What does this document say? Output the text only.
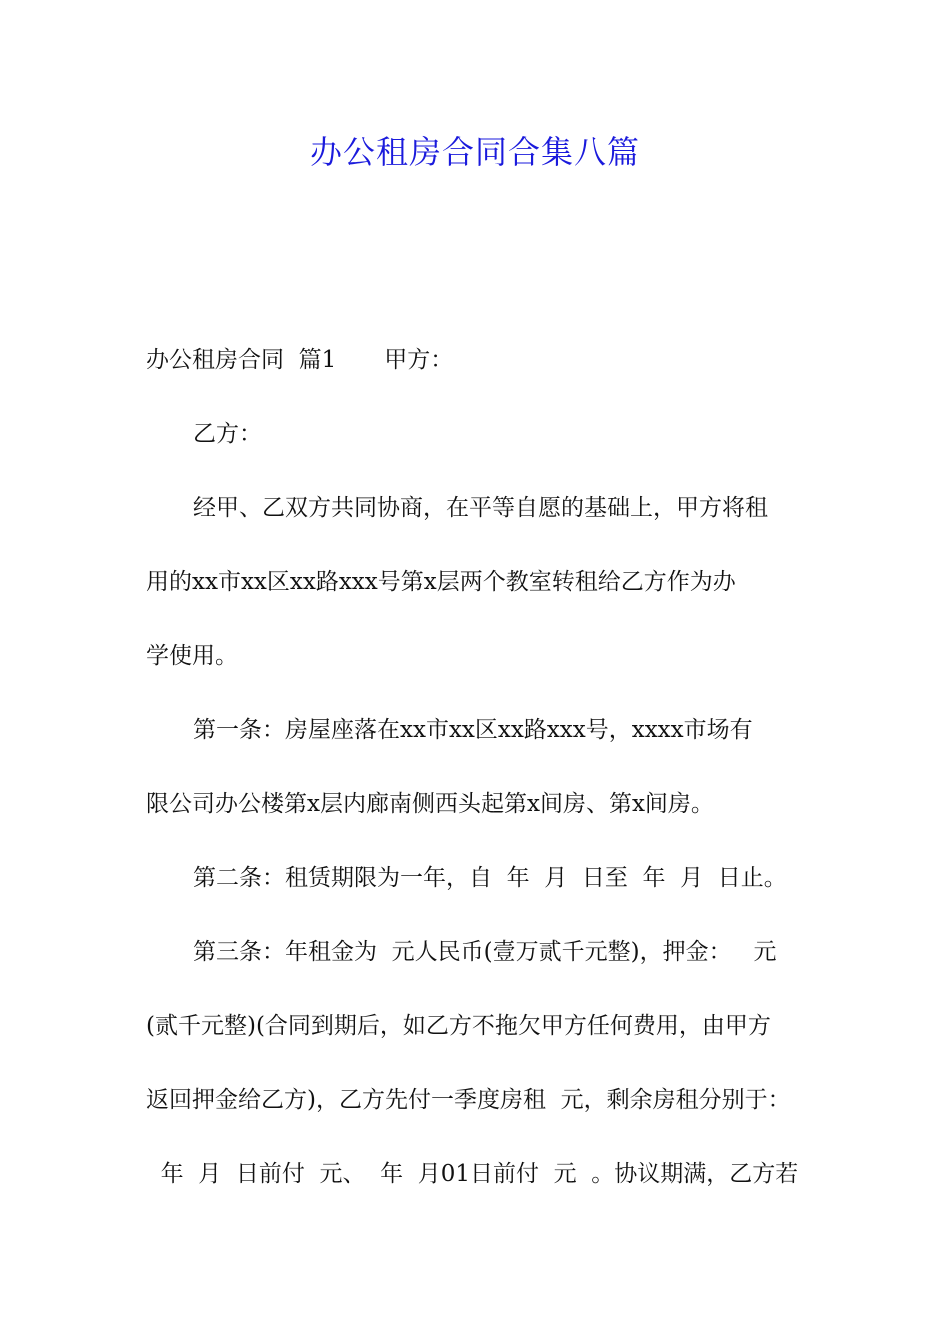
办公租房合同合集八篇
办公租房合同  篇1 甲方：
乙方：
经甲、乙双方共同协商，在平等自愿的基础上，甲方将租
用的xx市xx区xx路xxx号第x层两个教室转租给乙方作为办
学使用。
第一条：房屋座落在xx市xx区xx路xxx号，xxxx市场有
限公司办公楼第x层内廊南侧西头起第x间房、第x间房。
第二条：租赁期限为一年，自  年  月  日至  年  月  日止。
第三条：年租金为  元人民币(壹万贰千元整)，押金：   元
(贰千元整)(合同到期后，如乙方不拖欠甲方任何费用，由甲方
返回押金给乙方)，乙方先付一季度房租  元，剩余房租分别于：
年  月  日前付  元、  年  月01日前付  元  。协议期满，乙方若
